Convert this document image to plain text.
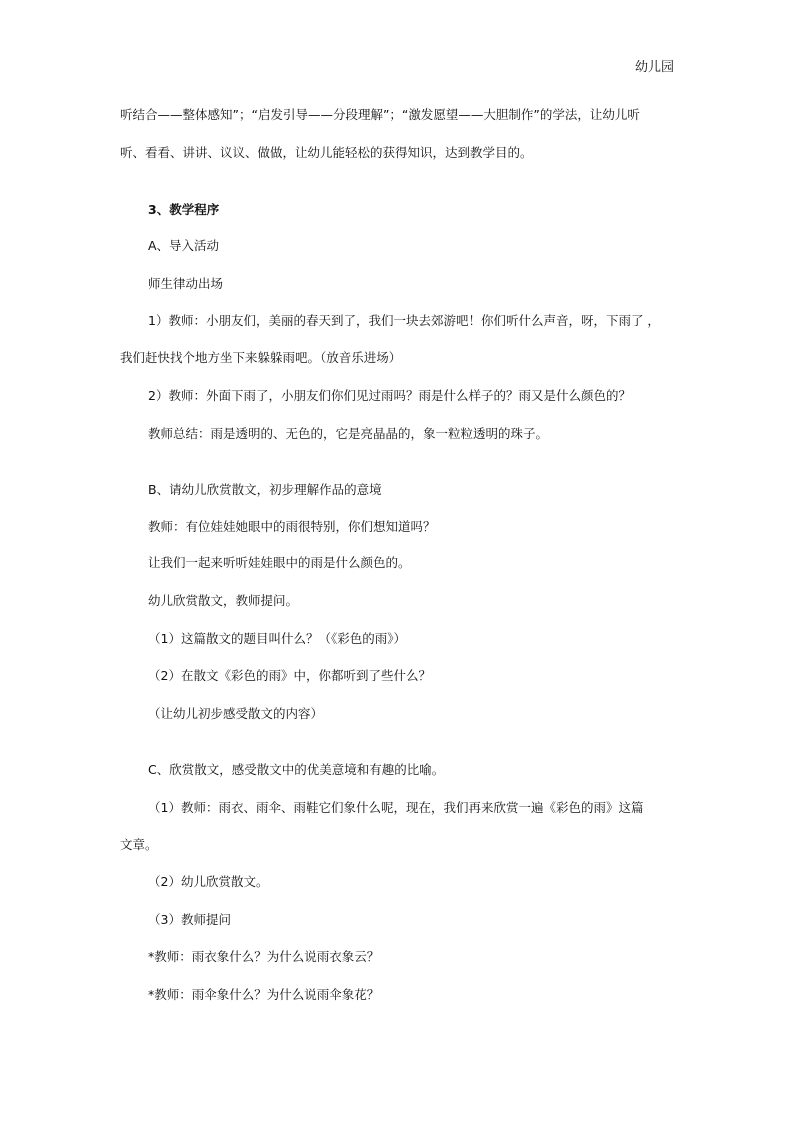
幼儿园
听结合——整体感知”；“启发引导——分段理解”；“激发愿望——大胆制作”的学法，让幼儿听
听、看看、讲讲、议议、做做，让幼儿能轻松的获得知识，达到教学目的。
3、教学程序
A、导入活动
师生律动出场
1）教师：小朋友们，美丽的春天到了，我们一块去郊游吧！你们听什么声音，呀，下雨了 ，
我们赶快找个地方坐下来躲躲雨吧。（放音乐进场）
2）教师：外面下雨了，小朋友们你们见过雨吗？雨是什么样子的？雨又是什么颜色的？
教师总结：雨是透明的、无色的，它是亮晶晶的，象一粒粒透明的珠子。
B、请幼儿欣赏散文，初步理解作品的意境
教师：有位娃娃她眼中的雨很特别，你们想知道吗？
让我们一起来听听娃娃眼中的雨是什么颜色的。
幼儿欣赏散文，教师提问。
（1）这篇散文的题目叫什么？（《彩色的雨》）
（2）在散文《彩色的雨》中，你都听到了些什么？
（让幼儿初步感受散文的内容）
C、欣赏散文，感受散文中的优美意境和有趣的比喻。
（1）教师：雨衣、雨伞、雨鞋它们象什么呢，现在，我们再来欣赏一遍《彩色的雨》这篇
文章。
（2）幼儿欣赏散文。
（3）教师提问
*教师：雨衣象什么？为什么说雨衣象云？
*教师：雨伞象什么？为什么说雨伞象花？
